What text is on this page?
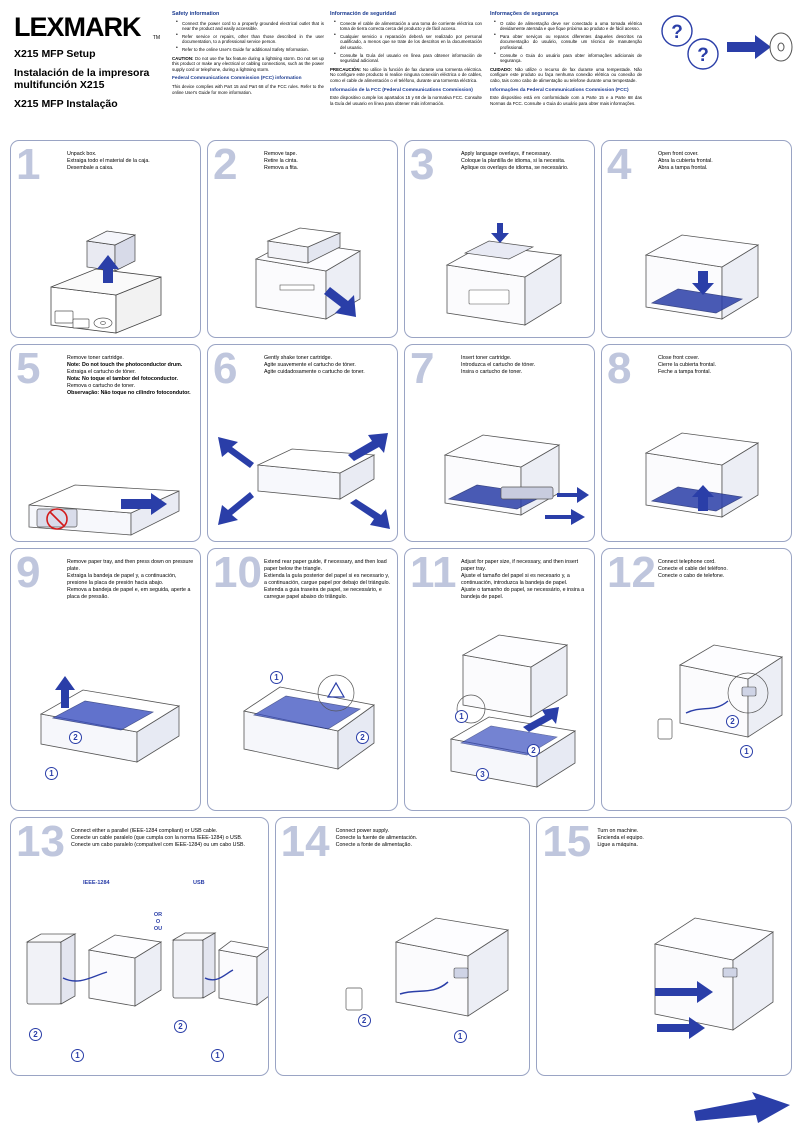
LEXMARK	TM
X215 MFP Setup
Instalación de la impresora multifunción X215
X215 MFP Instalação
Safety information
• Connect the power cord to a properly grounded electrical outlet that is near the product and easily accessible.
• Refer service or repairs, other than those described in the user documentation, to a professional service person.
• Refer to the online User's Guide for additional Safety Information.

CAUTION: Do not use the fax feature during a lightning storm. Do not set up this product or make any electrical or cabling connections, such as the power supply cord or telephone, during a lightning storm.

Federal Communications Commission (FCC) information

This device complies with Part 15 and Part 68 of the FCC rules. Refer to the online User's Guide for more information.

Información de seguridad
• Conecte el cable de alimentación a una toma de corriente eléctrica con toma de tierra correcta cerca del producto y de fácil acceso.
• Cualquier servicio o reparación deberá ser realizado por personal cualificado, a menos que se trate de los descritos en la documentación del usuario.
• Consulte la Guía del usuario en línea para obtener información de seguridad adicional.

PRECAUCIÓN: No utilice la función de fax durante una tormenta eléctrica. No configure este producto ni realice ninguna conexión eléctrica o de cables, como el cable de alimentación o el teléfono, durante una tormenta eléctrica.

Información de la FCC (Federal Communications Commission)

Este dispositivo cumple los apartados 15 y 68 de la normativa FCC. Consulte la Guía del usuario en línea para obtener más información.

Informações de segurança
• O cabo de alimentação deve ser conectado a uma tomada elétrica devidamente aterrada e que fique próxima ao produto e de fácil acesso.
• Para obter serviços ou reparos diferentes daqueles descritos na documentação do usuário, consulte um técnico de manutenção profissional.
• Consulte o Guia do usuário para obter informações adicionais de segurança.

CUIDADO: Não utilize o recurso de fax durante uma tempestade. Não configure este produto ou faça nenhuma conexão elétrica ou conexão de cabo, tais como cabo de alimentação ou telefone durante uma tempestade.

Informações da Federal Communications Commission (FCC)

Este dispositivo está em conformidade com a Parte 15 e a Parte 68 das Normas da FCC. Consulte o Guia do usuário para obter mais informações.

?
?
1	Unpack box.
Extraiga todo el material de la caja.
Desembale a caixa.	2	Remove tape.
Retire la cinta.
Remova a fita.	3	Apply language overlays, if necessary.
Coloque la plantilla de idioma, si la necesita.
Aplique os overlays de idioma, se necessário. 4	Open front cover.
Abra la cubierta frontal.
Abra a tampa frontal.
5	Remove toner cartridge.
Note: Do not touch the photoconductor drum.
Extraiga el cartucho de tóner.
Nota: No toque el tambor del fotoconductor.
Remova o cartucho de toner.
Observação: Não toque no cilindro fotocondutor. 6	Gently shake toner cartridge.
Agite suavemente el cartucho de tóner.
Agite cuidadosamente o cartucho de toner.	7	Insert toner cartridge.
Introduzca el cartucho de tóner.
Insira o cartucho de toner.	8	Close front cover.
Cierre la cubierta frontal.
Feche a tampa frontal.
9	Remove paper tray, and then press down on pressure plate.
Extraiga la bandeja de papel y, a continuación, presione la placa de presión hacia abajo.
Remova a bandeja de papel e, em seguida, aperte a placa de pressão.
2
1
10 Extend rear paper guide, if necessary, and then load paper below the triangle.
Extienda la guía posterior del papel si es necesario y, a continuación, cargue papel por debajo del triángulo.
Estenda a guia traseira de papel, se necessário, e carregue papel abaixo do triângulo.
1
2
11 Adjust for paper size, if necessary, and then insert paper tray.
Ajuste el tamaño del papel si es necesario y, a continuación, introduzca la bandeja de papel.
Ajuste o tamanho do papel, se necessário, e insira a bandeja de papel.
1
2
3
12 Connect telephone cord.
Conecte el cable del teléfono.
Conecte o cabo de telefone.
2
1
13 Connect either a parallel (IEEE-1284 compliant) or USB cable.
Conecte un cable paralelo (que cumpla con la norma IEEE-1284) o USB.
Conecte um cabo paralelo (compatível com IEEE-1284) ou um cabo USB.
IEEE-1284	USB
OR
O
OU
2
1
2
1
14 Connect power supply.
Conecte la fuente de alimentación.
Conecte a fonte de alimentação.
2
1
15 Turn on machine.
Encienda el equipo.
Ligue a máquina.
